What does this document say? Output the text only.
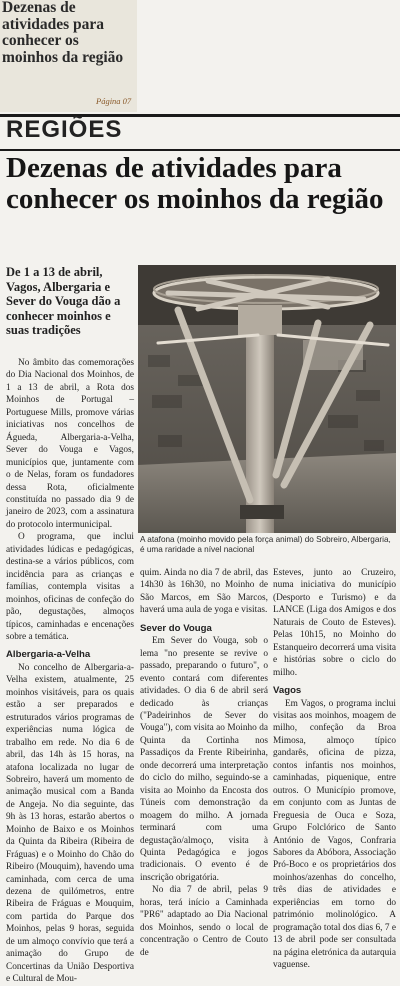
Dezenas de atividades para conhecer os moinhos da região
Página 07
REGIÕES
Dezenas de atividades para conhecer os moinhos da região
De 1 a 13 de abril, Vagos, Albergaria e Sever do Vouga dão a conhecer moinhos e suas tradições
A atafona (moinho movido pela força animal) do Sobreiro, Albergaria, é uma raridade a nível nacional

No âmbito das comemorações do Dia Nacional dos Moinhos, de 1 a 13 de abril, a Rota dos Moinhos de Portugal – Portuguese Mills, promove várias iniciativas nos concelhos de Águeda, Albergaria-a-Velha, Sever do Vouga e Vagos, municípios que, juntamente com o de Nelas, foram os fundadores dessa Rota, oficialmente constituída no passado dia 9 de janeiro de 2023, com a assinatura do protocolo intermunicipal.

O programa, que inclui atividades lúdicas e pedagógicas, destina-se a vários públicos, com incidência para as crianças e famílias, contempla visitas a moinhos, oficinas de confeção do pão, degustações, almoços típicos, caminhadas e encenações sobre a temática.

Albergaria-a-Velha

No concelho de Albergaria-a-Velha existem, atualmente, 25 moinhos visitáveis, para os quais estão a ser preparados e estruturados vários programas de experiências numa lógica de trabalho em rede. No dia 6 de abril, das 14h às 15 horas, na atafona localizada no lugar de Sobreiro, haverá um momento de animação musical com a Banda de Angeja. No dia seguinte, das 9h às 13 horas, estarão abertos o Moinho de Baixo e os Moinhos da Quinta da Ribeira (Ribeira de Fráguas) e o Moinho do Chão do Ribeiro (Mouquim), havendo uma caminhada, com cerca de uma dezena de quilómetros, entre Ribeira de Fráguas e Mouquim, com partida do Parque dos Moinhos, pelas 9 horas, seguida de um almoço convívio que terá a animação do Grupo de Concertinas da União Desportiva e Cultural de Mou-

quim. Ainda no dia 7 de abril, das 14h30 às 16h30, no Moinho de São Marcos, em São Marcos, haverá uma aula de yoga e visitas.

Sever do Vouga

Em Sever do Vouga, sob o lema "no presente se revive o passado, preparando o futuro", o evento contará com diferentes atividades. O dia 6 de abril será dedicado às crianças ("Padeirinhos de Sever do Vouga"), com visita ao Moinho da Quinta da Cortinha nos Passadiços da Frente Ribeirinha, onde decorrerá uma interpretação do ciclo do milho, seguindo-se a visita ao Moinho da Encosta dos Túneis com demonstração da moagem do milho. A jornada terminará com uma degustação/almoço, visita à Quinta Pedagógica e jogos tradicionais. O evento é de inscrição obrigatória.

No dia 7 de abril, pelas 9 horas, terá início a Caminhada "PR6" adaptado ao Dia Nacional dos Moinhos, sendo o local de concentração o Centro de Couto de

Esteves, junto ao Cruzeiro, numa iniciativa do município (Desporto e Turismo) e da LANCE (Liga dos Amigos e dos Naturais de Couto de Esteves). Pelas 10h15, no Moinho do Estanqueiro decorrerá uma visita e histórias sobre o ciclo do milho.

Vagos

Em Vagos, o programa inclui visitas aos moinhos, moagem de milho, confeção da Broa Mimosa, almoço típico gandarês, oficina de pizza, contos infantis nos moinhos, caminhadas, piquenique, entre outros. O Município promove, em conjunto com as Juntas de Freguesia de Ouca e Soza, Grupo Folclórico de Santo António de Vagos, Confraria Sabores da Abóbora, Associação Pró-Boco e os proprietários dos moinhos/azenhas do concelho, três dias de atividades e experiências em torno do património molinológico. A programação total dos dias 6, 7 e 13 de abril pode ser consultada na página eletrónica da autarquia vaguense.
